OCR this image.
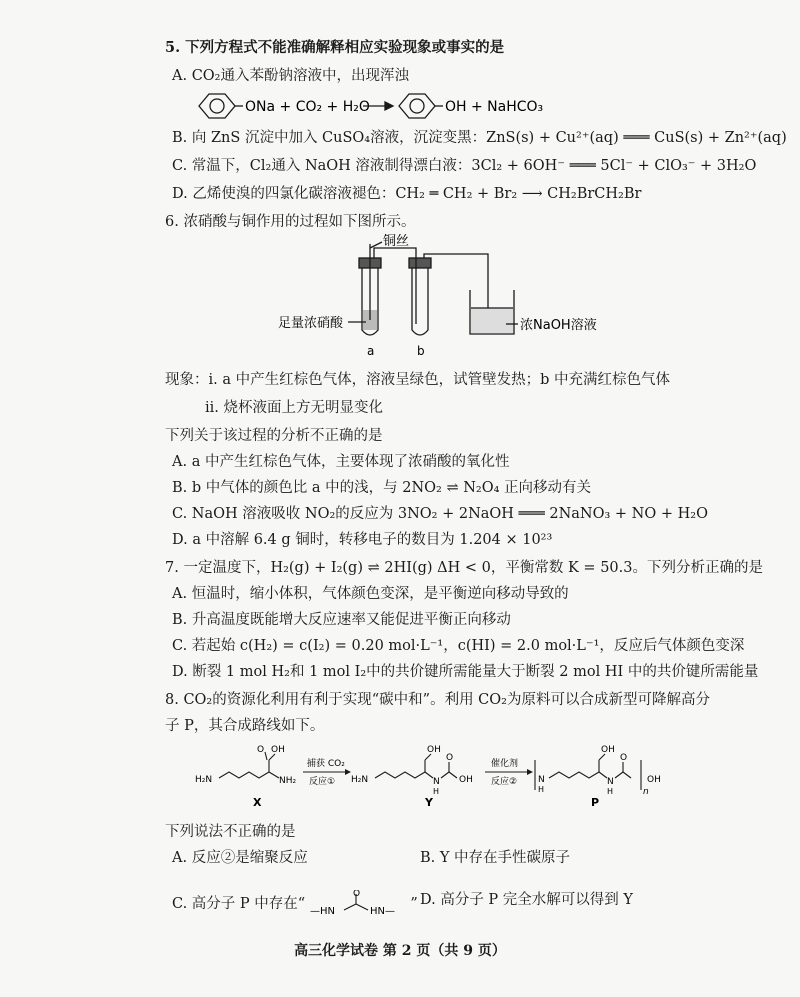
5. 下列方程式不能准确解释相应实验现象或事实的是
A. CO₂通入苯酚钠溶液中，出现浑浊
ONa + CO₂ + H₂O	OH + NaHCO₃
B. 向 ZnS 沉淀中加入 CuSO₄溶液，沉淀变黑：ZnS(s) + Cu²⁺(aq) ═══ CuS(s) + Zn²⁺(aq)
C. 常温下，Cl₂通入 NaOH 溶液制得漂白液：3Cl₂ + 6OH⁻ ═══ 5Cl⁻ + ClO₃⁻ + 3H₂O
D. 乙烯使溴的四氯化碳溶液褪色：CH₂ ═ CH₂ + Br₂ ⟶ CH₂BrCH₂Br
6. 浓硝酸与铜作用的过程如下图所示。
铜丝
足量浓硝酸	浓NaOH溶液
a	b
现象：i. a 中产生红棕色气体，溶液呈绿色，试管壁发热；b 中充满红棕色气体
ii. 烧杯液面上方无明显变化
下列关于该过程的分析不正确的是
A. a 中产生红棕色气体，主要体现了浓硝酸的氧化性
B. b 中气体的颜色比 a 中的浅，与 2NO₂ ⇌ N₂O₄ 正向移动有关
C. NaOH 溶液吸收 NO₂的反应为 3NO₂ + 2NaOH ═══ 2NaNO₃ + NO + H₂O
D. a 中溶解 6.4 g 铜时，转移电子的数目为 1.204 × 10²³
7. 一定温度下，H₂(g) + I₂(g) ⇌ 2HI(g) ΔH < 0，平衡常数 K = 50.3。下列分析正确的是
A. 恒温时，缩小体积，气体颜色变深，是平衡逆向移动导致的
B. 升高温度既能增大反应速率又能促进平衡正向移动
C. 若起始 c(H₂) = c(I₂) = 0.20 mol·L⁻¹，c(HI) = 2.0 mol·L⁻¹，反应后气体颜色变深
D. 断裂 1 mol H₂和 1 mol I₂中的共价键所需能量大于断裂 2 mol HI 中的共价键所需能量
8. CO₂的资源化利用有利于实现“碳中和”。利用 CO₂为原料可以合成新型可降解高分
子 P，其合成路线如下。
H₂N
OH
O
NH₂
X
捕获 CO₂
反应① H₂N
OH
N
H
O
OH
Y
催化剂
反应② N
H
OH
N
H
O
n
OH
P
下列说法不正确的是
A. 反应②是缩聚反应	B. Y 中存在手性碳原子
C. 高分子 P 中存在“ —HN	HN—
O
” D. 高分子 P 完全水解可以得到 Y
高三化学试卷 第 2 页（共 9 页）
